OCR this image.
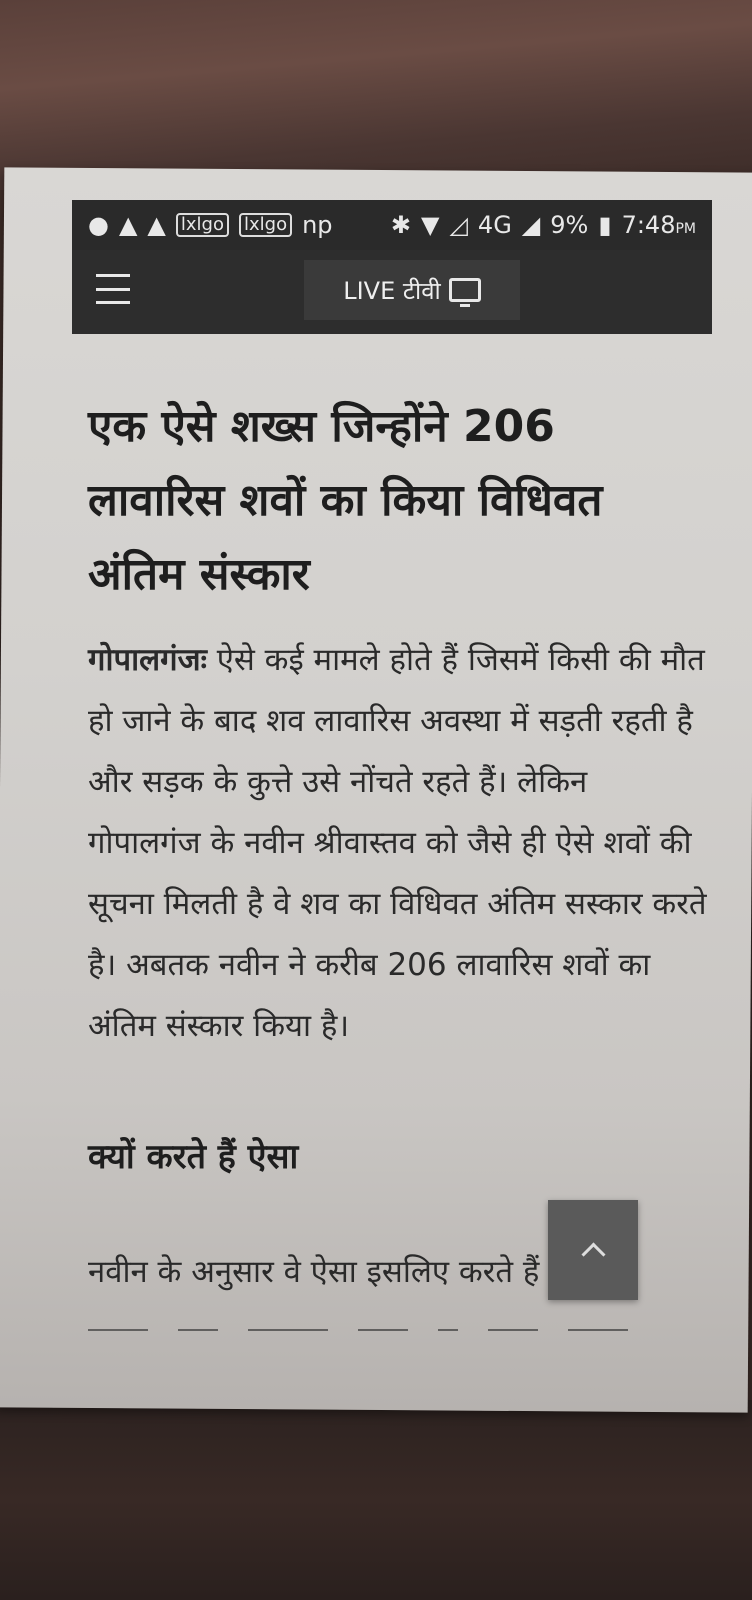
● ▲ ▲ lxlgo lxlgo np ✱ ▼ ◿ 4G ◢ 9% ▮ 7:48PM
LIVE टीवी
एक ऐसे शख्स जिन्होंने 206 लावारिस शवों का किया विधिवत अंतिम संस्कार

गोपालगंजः ऐसे कई मामले होते हैं जिसमें किसी की मौत हो जाने के बाद शव लावारिस अवस्था में सड़ती रहती है और सड़क के कुत्ते उसे नोंचते रहते हैं। लेकिन गोपालगंज के नवीन श्रीवास्तव को जैसे ही ऐसे शवों की सूचना मिलती है वे शव का विधिवत अंतिम सस्कार करते है। अबतक नवीन ने करीब 206 लावारिस शवों का अंतिम संस्कार किया है।

क्यों करते हैं ऐसा

नवीन के अनुसार वे ऐसा इसलिए करते हैं
